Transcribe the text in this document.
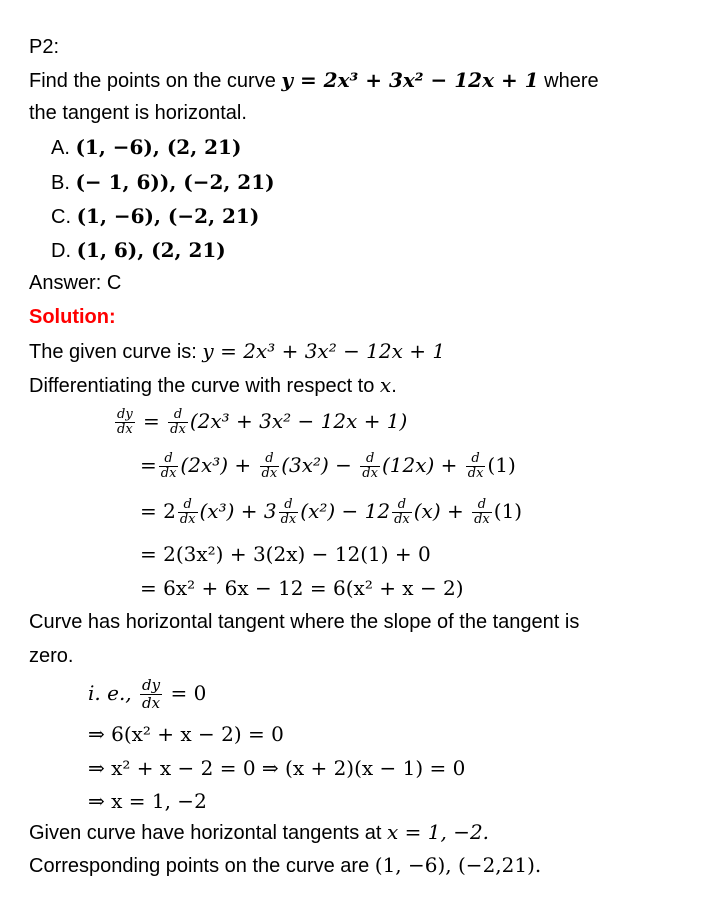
P2:
Find the points on the curve y = 2x³ + 3x² − 12x + 1 where
the tangent is horizontal.
A. (1, −6), (2, 21)
B. (− 1, 6)), (−2, 21)
C. (1, −6), (−2, 21)
D. (1, 6), (2, 21)
Answer: C
Solution:
The given curve is: y = 2x³ + 3x² − 12x + 1
Differentiating the curve with respect to x.
$\frac{dy}{dx} = \frac{d}{dx} (2x^3 + 3x^2 - 12x + 1)$
= $\frac{d}{dx} (2x^3) + \frac{d}{dx} (3x^2) - \frac{d}{dx} (12x) + \frac{d}{dx} (1)$
= $2 \frac{d}{dx} (x^3) + 3 \frac{d}{dx} (x^2) - 12 \frac{d}{dx} (x) + \frac{d}{dx} (1)$
= 2(3x²) + 3(2x) − 12(1) + 0
= 6x² + 6x − 12 = 6(x² + x − 2)
Curve has horizontal tangent where the slope of the tangent is
zero.
i. e., $\frac{dy}{dx} = 0$
⇒ 6(x² + x − 2) = 0
⇒ x² + x − 2 = 0 ⇒ (x + 2)(x − 1) = 0
⇒ x = 1, −2
Given curve have horizontal tangents at x = 1, −2.
Corresponding points on the curve are (1, −6), (−2,21).
